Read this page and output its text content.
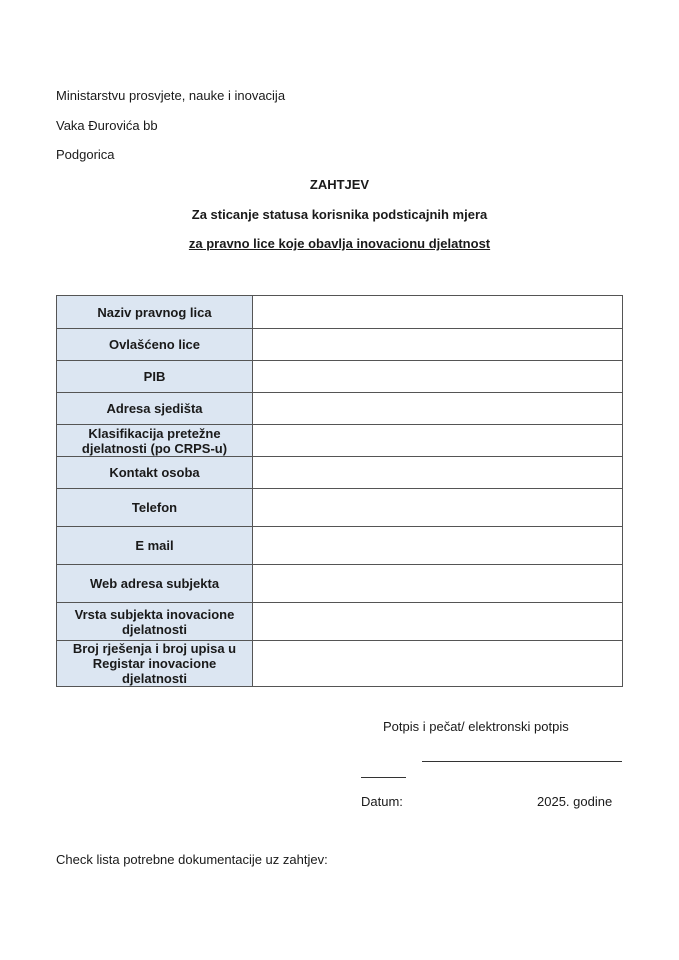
Ministarstvu prosvjete, nauke i inovacija
Vaka Đurovića bb
Podgorica
ZAHTJEV
Za sticanje statusa korisnika podsticajnih mjera
za pravno lice koje obavlja inovacionu djelatnost
Naziv pravnog lica	
Ovlašćeno lice	
PIB	
Adresa sjedišta	
Klasifikacija pretežne djelatnosti (po CRPS-u)	
Kontakt osoba	
Telefon	
E mail	
Web adresa subjekta	
Vrsta subjekta inovacione djelatnosti	
Broj rješenja i broj upisa u Registar inovacione djelatnosti	
Potpis i pečat/ elektronski potpis
Datum:	2025. godine
Check lista potrebne dokumentacije uz zahtjev:
